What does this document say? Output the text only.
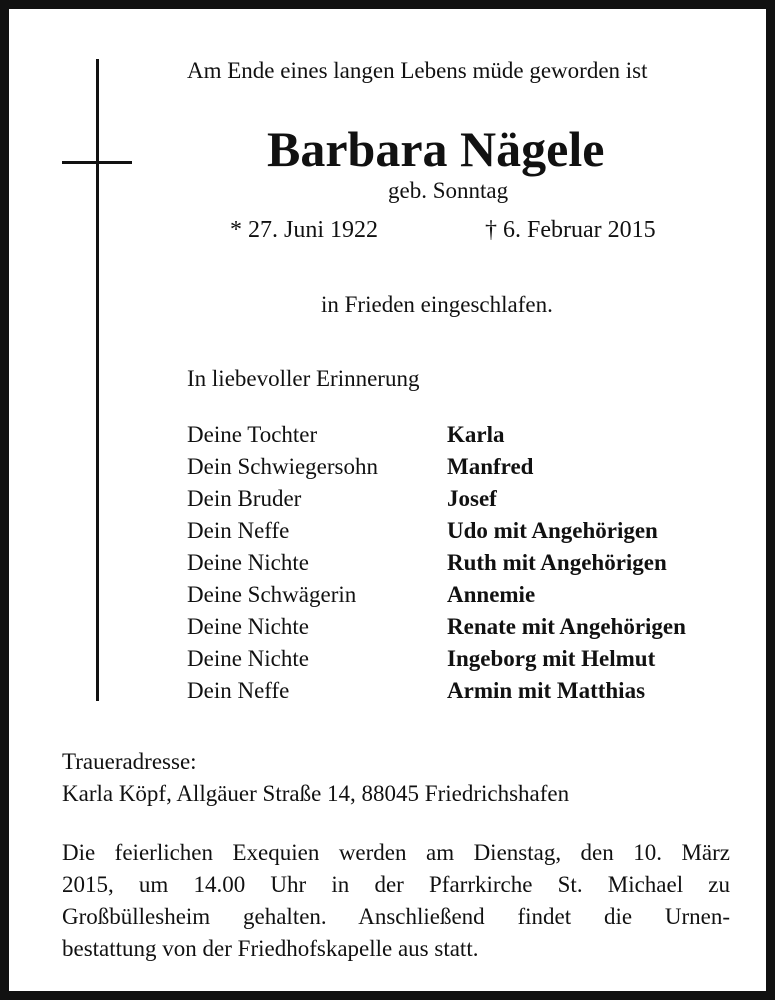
Am Ende eines langen Lebens müde geworden ist
Barbara Nägele
geb. Sonntag
* 27. Juni 1922	† 6. Februar 2015
in Frieden eingeschlafen.
In liebevoller Erinnerung
Deine Tochter	Karla
Dein Schwiegersohn	Manfred
Dein Bruder	Josef
Dein Neffe	Udo mit Angehörigen
Deine Nichte	Ruth mit Angehörigen
Deine Schwägerin	Annemie
Deine Nichte	Renate mit Angehörigen
Deine Nichte	Ingeborg mit Helmut
Dein Neffe	Armin mit Matthias
Traueradresse:
Karla Köpf, Allgäuer Straße 14, 88045 Friedrichshafen
Die feierlichen Exequien werden am Dienstag, den 10. März
2015, um 14.00 Uhr in der Pfarrkirche St. Michael zu
Großbüllesheim gehalten. Anschließend findet die Urnen-
bestattung von der Friedhofskapelle aus statt.
